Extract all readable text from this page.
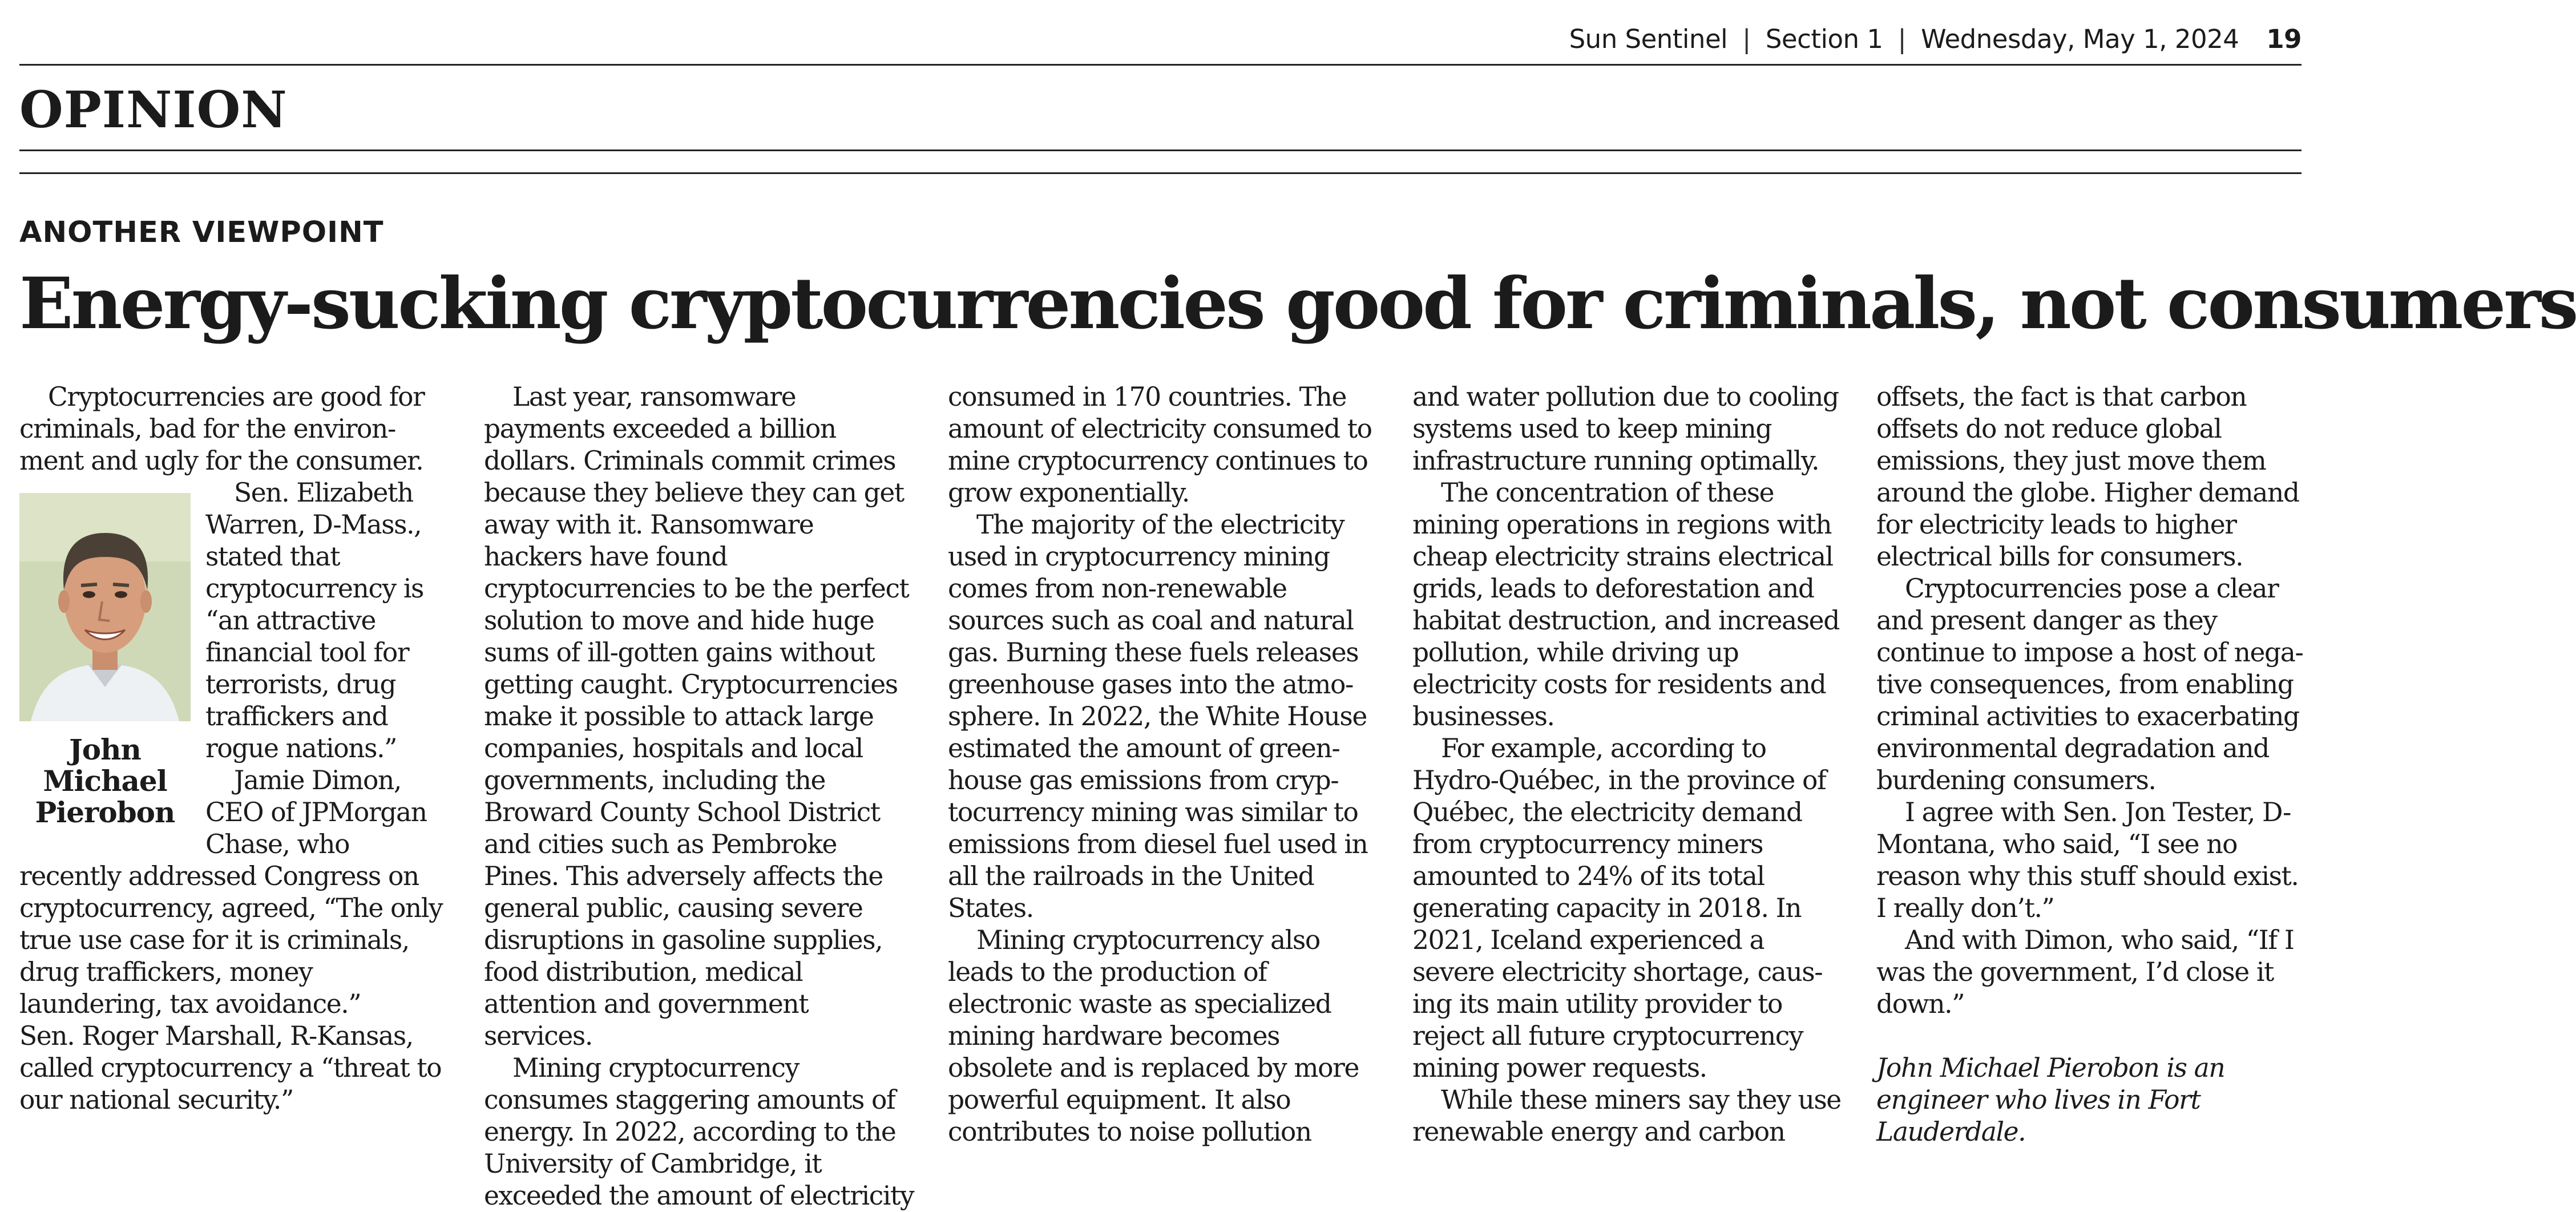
Sun Sentinel | Section 1 | Wednesday, May 1, 2024 19
OPINION
ANOTHER VIEWPOINT
Energy-sucking cryptocurrencies good for criminals, not consumers

Cryptocurrencies are good for criminals, bad for the environment and ugly for the consumer.

John
Michael
Pierobon

Sen. Elizabeth Warren, D-Mass., stated that cryptocurrency is “an attractive financial tool for terrorists, drug traffickers and rogue nations.”

Jamie Dimon, CEO of JPMorgan Chase, who recently addressed Congress on cryptocurrency, agreed, “The only true use case for it is criminals, drug traffickers, money laundering, tax avoidance.”

Sen. Roger Marshall, R-Kansas, called cryptocurrency a “threat to our national security.”

Last year, ransomware payments exceeded a billion dollars. Criminals commit crimes because they believe they can get away with it. Ransomware hackers have found cryptocurrencies to be the perfect solution to move and hide huge sums of ill-gotten gains without getting caught. Cryptocurrencies make it possible to attack large companies, hospitals and local governments, including the Broward County School District and cities such as Pembroke Pines. This adversely affects the general public, causing severe disruptions in gasoline supplies, food distribution, medical attention and government services.

Mining cryptocurrency consumes staggering amounts of energy. In 2022, according to the University of Cambridge, it exceeded the amount of electricity

consumed in 170 countries. The amount of electricity consumed to mine cryptocurrency continues to grow exponentially.

The majority of the electricity used in cryptocurrency mining comes from non-renewable sources such as coal and natural gas. Burning these fuels releases greenhouse gases into the atmosphere. In 2022, the White House estimated the amount of greenhouse gas emissions from cryptocurrency mining was similar to emissions from diesel fuel used in all the railroads in the United States.

Mining cryptocurrency also leads to the production of electronic waste as specialized mining hardware becomes obsolete and is replaced by more powerful equipment. It also contributes to noise pollution

and water pollution due to cooling systems used to keep mining infrastructure running optimally.

The concentration of these mining operations in regions with cheap electricity strains electrical grids, leads to deforestation and habitat destruction, and increased pollution, while driving up electricity costs for residents and businesses.

For example, according to Hydro-Québec, in the province of Québec, the electricity demand from cryptocurrency miners amounted to 24% of its total generating capacity in 2018. In 2021, Iceland experienced a severe electricity shortage, causing its main utility provider to reject all future cryptocurrency mining power requests.

While these miners say they use renewable energy and carbon

offsets, the fact is that carbon offsets do not reduce global emissions, they just move them around the globe. Higher demand for electricity leads to higher electrical bills for consumers.

Cryptocurrencies pose a clear and present danger as they continue to impose a host of negative consequences, from enabling criminal activities to exacerbating environmental degradation and burdening consumers.

I agree with Sen. Jon Tester, D-Montana, who said, “I see no reason why this stuff should exist. I really don’t.”

And with Dimon, who said, “If I was the government, I’d close it down.”

John Michael Pierobon is an engineer who lives in Fort Lauderdale.
